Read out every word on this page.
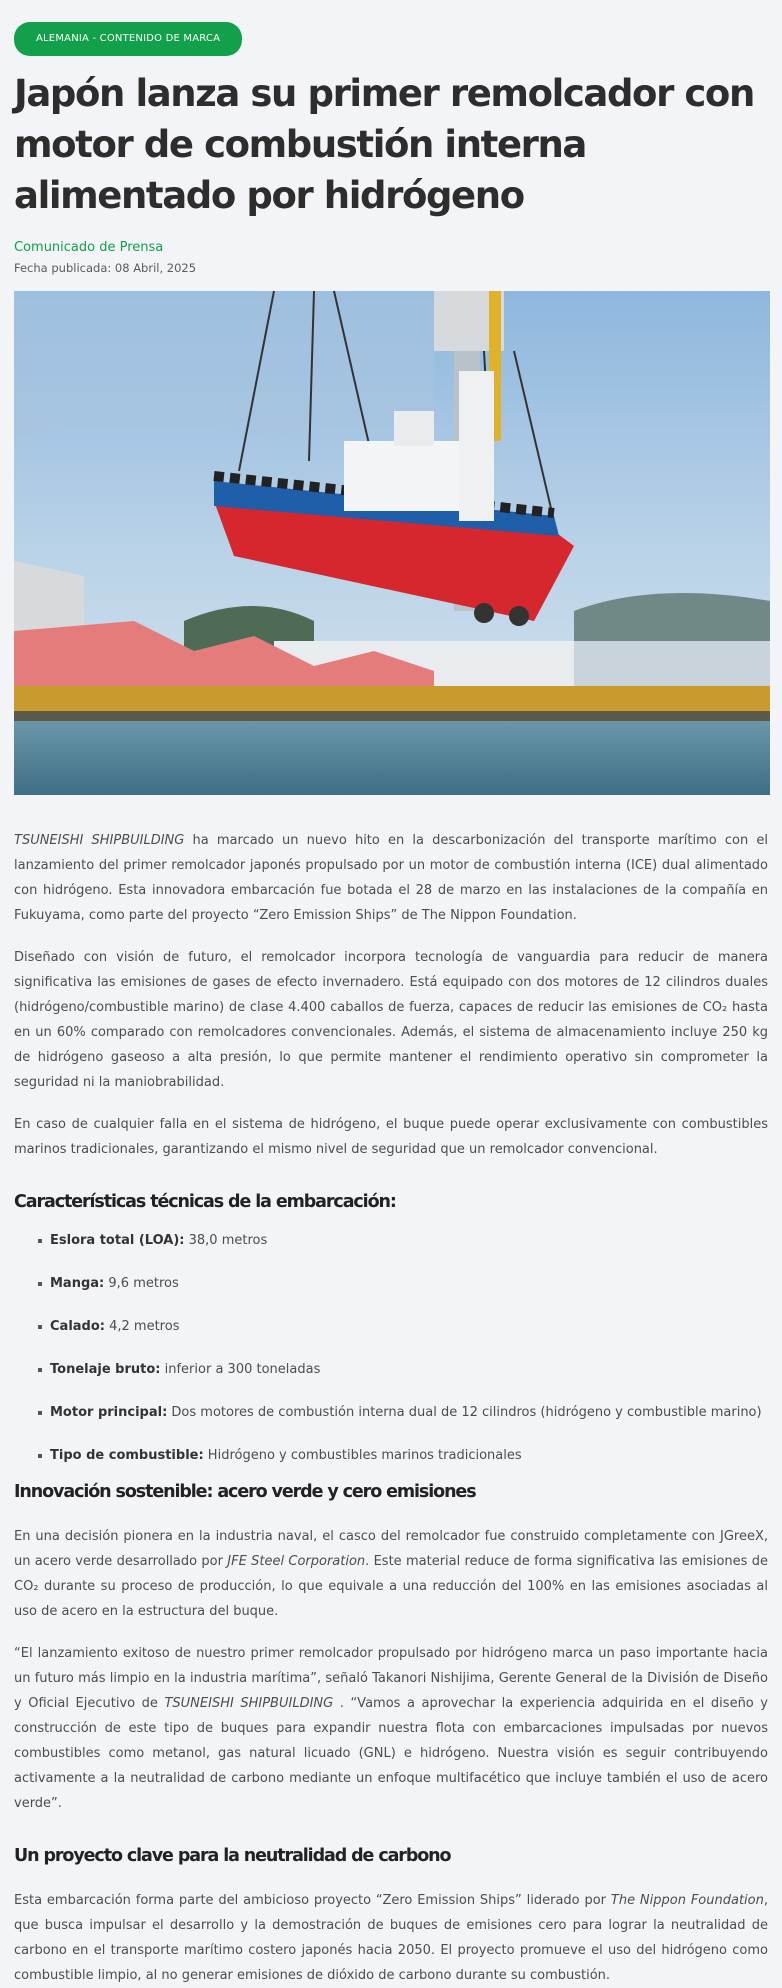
ALEMANIA - CONTENIDO DE MARCA
Japón lanza su primer remolcador con motor de combustión interna alimentado por hidrógeno
Comunicado de Prensa
Fecha publicada: 08 Abril, 2025

TSUNEISHI SHIPBUILDING ha marcado un nuevo hito en la descarbonización del transporte marítimo con el lanzamiento del primer remolcador japonés propulsado por un motor de combustión interna (ICE) dual alimentado con hidrógeno. Esta innovadora embarcación fue botada el 28 de marzo en las instalaciones de la compañía en Fukuyama, como parte del proyecto “Zero Emission Ships” de The Nippon Foundation.

Diseñado con visión de futuro, el remolcador incorpora tecnología de vanguardia para reducir de manera significativa las emisiones de gases de efecto invernadero. Está equipado con dos motores de 12 cilindros duales (hidrógeno/combustible marino) de clase 4.400 caballos de fuerza, capaces de reducir las emisiones de CO₂ hasta en un 60% comparado con remolcadores convencionales. Además, el sistema de almacenamiento incluye 250 kg de hidrógeno gaseoso a alta presión, lo que permite mantener el rendimiento operativo sin comprometer la seguridad ni la maniobrabilidad.

En caso de cualquier falla en el sistema de hidrógeno, el buque puede operar exclusivamente con combustibles marinos tradicionales, garantizando el mismo nivel de seguridad que un remolcador convencional.

Características técnicas de la embarcación:
Eslora total (LOA): 38,0 metros
Manga: 9,6 metros
Calado: 4,2 metros
Tonelaje bruto: inferior a 300 toneladas
Motor principal: Dos motores de combustión interna dual de 12 cilindros (hidrógeno y combustible marino)
Tipo de combustible: Hidrógeno y combustibles marinos tradicionales
Innovación sostenible: acero verde y cero emisiones

En una decisión pionera en la industria naval, el casco del remolcador fue construido completamente con JGreeX, un acero verde desarrollado por JFE Steel Corporation. Este material reduce de forma significativa las emisiones de CO₂ durante su proceso de producción, lo que equivale a una reducción del 100% en las emisiones asociadas al uso de acero en la estructura del buque.

“El lanzamiento exitoso de nuestro primer remolcador propulsado por hidrógeno marca un paso importante hacia un futuro más limpio en la industria marítima”, señaló Takanori Nishijima, Gerente General de la División de Diseño y Oficial Ejecutivo de TSUNEISHI SHIPBUILDING . “Vamos a aprovechar la experiencia adquirida en el diseño y construcción de este tipo de buques para expandir nuestra flota con embarcaciones impulsadas por nuevos combustibles como metanol, gas natural licuado (GNL) e hidrógeno. Nuestra visión es seguir contribuyendo activamente a la neutralidad de carbono mediante un enfoque multifacético que incluye también el uso de acero verde”.

Un proyecto clave para la neutralidad de carbono

Esta embarcación forma parte del ambicioso proyecto “Zero Emission Ships” liderado por The Nippon Foundation, que busca impulsar el desarrollo y la demostración de buques de emisiones cero para lograr la neutralidad de carbono en el transporte marítimo costero japonés hacia 2050. El proyecto promueve el uso del hidrógeno como combustible limpio, al no generar emisiones de dióxido de carbono durante su combustión.
